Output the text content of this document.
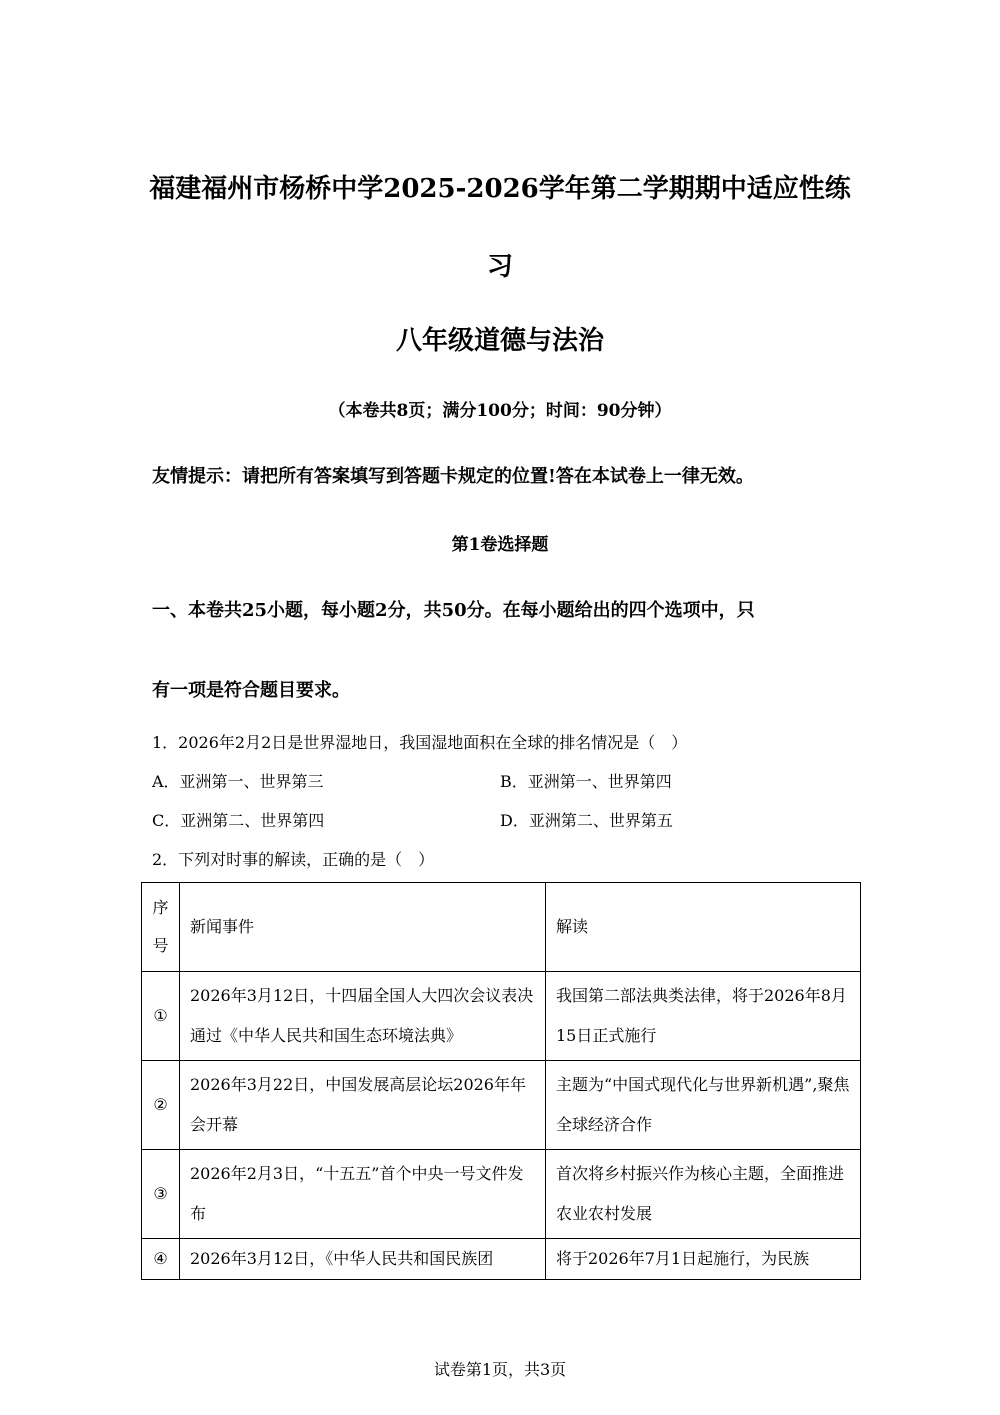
福建福州市杨桥中学2025-2026学年第二学期期中适应性练
习
八年级道德与法治
（本卷共8页；满分100分；时间：90分钟）
友情提示：请把所有答案填写到答题卡规定的位置!答在本试卷上一律无效。
第1卷选择题
一、本卷共25小题，每小题2分，共50分。在每小题给出的四个选项中，只
有一项是符合题目要求。
1．2026年2月2日是世界湿地日，我国湿地面积在全球的排名情况是（　）
A．亚洲第一、世界第三	B．亚洲第一、世界第四
C．亚洲第二、世界第四	D．亚洲第二、世界第五
2．下列对时事的解读，正确的是（　）
序号	新闻事件	解读
①	2026年3月12日，十四届全国人大四次会议表决通过《中华人民共和国生态环境法典》	我国第二部法典类法律，将于2026年8月15日正式施行
②	2026年3月22日，中国发展高层论坛2026年年会开幕	主题为“中国式现代化与世界新机遇”,聚焦全球经济合作
③	2026年2月3日，“十五五”首个中央一号文件发布	首次将乡村振兴作为核心主题，全面推进农业农村发展
④	2026年3月12日，《中华人民共和国民族团	将于2026年7月1日起施行，为民族
试卷第1页，共3页
